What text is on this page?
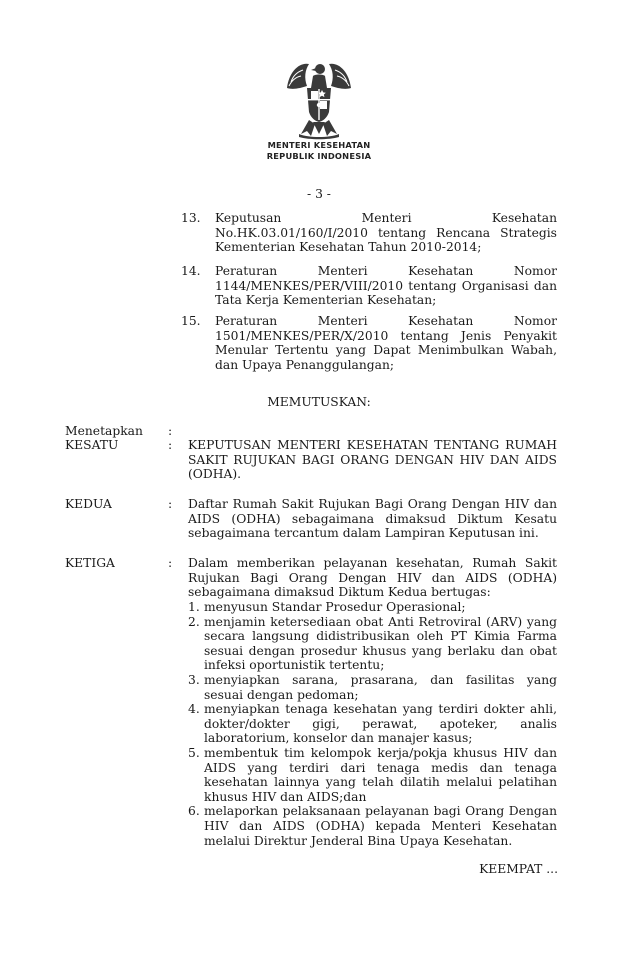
MENTERI KESEHATAN
REPUBLIK INDONESIA
- 3 -
13. Keputusan Menteri Kesehatan No.HK.03.01/160/I/2010 tentang Rencana Strategis Kementerian Kesehatan Tahun 2010-2014;
14. Peraturan Menteri Kesehatan Nomor 1144/MENKES/PER/VIII/2010 tentang Organisasi dan Tata Kerja Kementerian Kesehatan;
15. Peraturan Menteri Kesehatan Nomor 1501/MENKES/PER/X/2010 tentang Jenis Penyakit Menular Tertentu yang Dapat Menimbulkan Wabah, dan Upaya Penanggulangan;
MEMUTUSKAN:
Menetapkan :
KESATU	: KEPUTUSAN MENTERI KESEHATAN TENTANG RUMAH SAKIT RUJUKAN BAGI ORANG DENGAN HIV DAN AIDS (ODHA).
KEDUA	: Daftar Rumah Sakit Rujukan Bagi Orang Dengan HIV dan AIDS (ODHA) sebagaimana dimaksud Diktum Kesatu sebagaimana tercantum dalam Lampiran Keputusan ini.
KETIGA	: Dalam memberikan pelayanan kesehatan, Rumah Sakit Rujukan Bagi Orang Dengan HIV dan AIDS (ODHA) sebagaimana dimaksud Diktum Kedua bertugas:
1. menyusun Standar Prosedur Operasional;
2. menjamin ketersediaan obat Anti Retroviral (ARV) yang secara langsung didistribusikan oleh PT Kimia Farma sesuai dengan prosedur khusus yang berlaku dan obat infeksi oportunistik tertentu;
3. menyiapkan sarana, prasarana, dan fasilitas yang sesuai dengan pedoman;
4. menyiapkan tenaga kesehatan yang terdiri dokter ahli, dokter/dokter gigi, perawat, apoteker, analis laboratorium, konselor dan manajer kasus;
5. membentuk tim kelompok kerja/pokja khusus HIV dan AIDS yang terdiri dari tenaga medis dan tenaga kesehatan lainnya yang telah dilatih melalui pelatihan khusus HIV dan AIDS;dan
6. melaporkan pelaksanaan pelayanan bagi Orang Dengan HIV dan AIDS (ODHA) kepada Menteri Kesehatan melalui Direktur Jenderal Bina Upaya Kesehatan.
KEEMPAT ...
